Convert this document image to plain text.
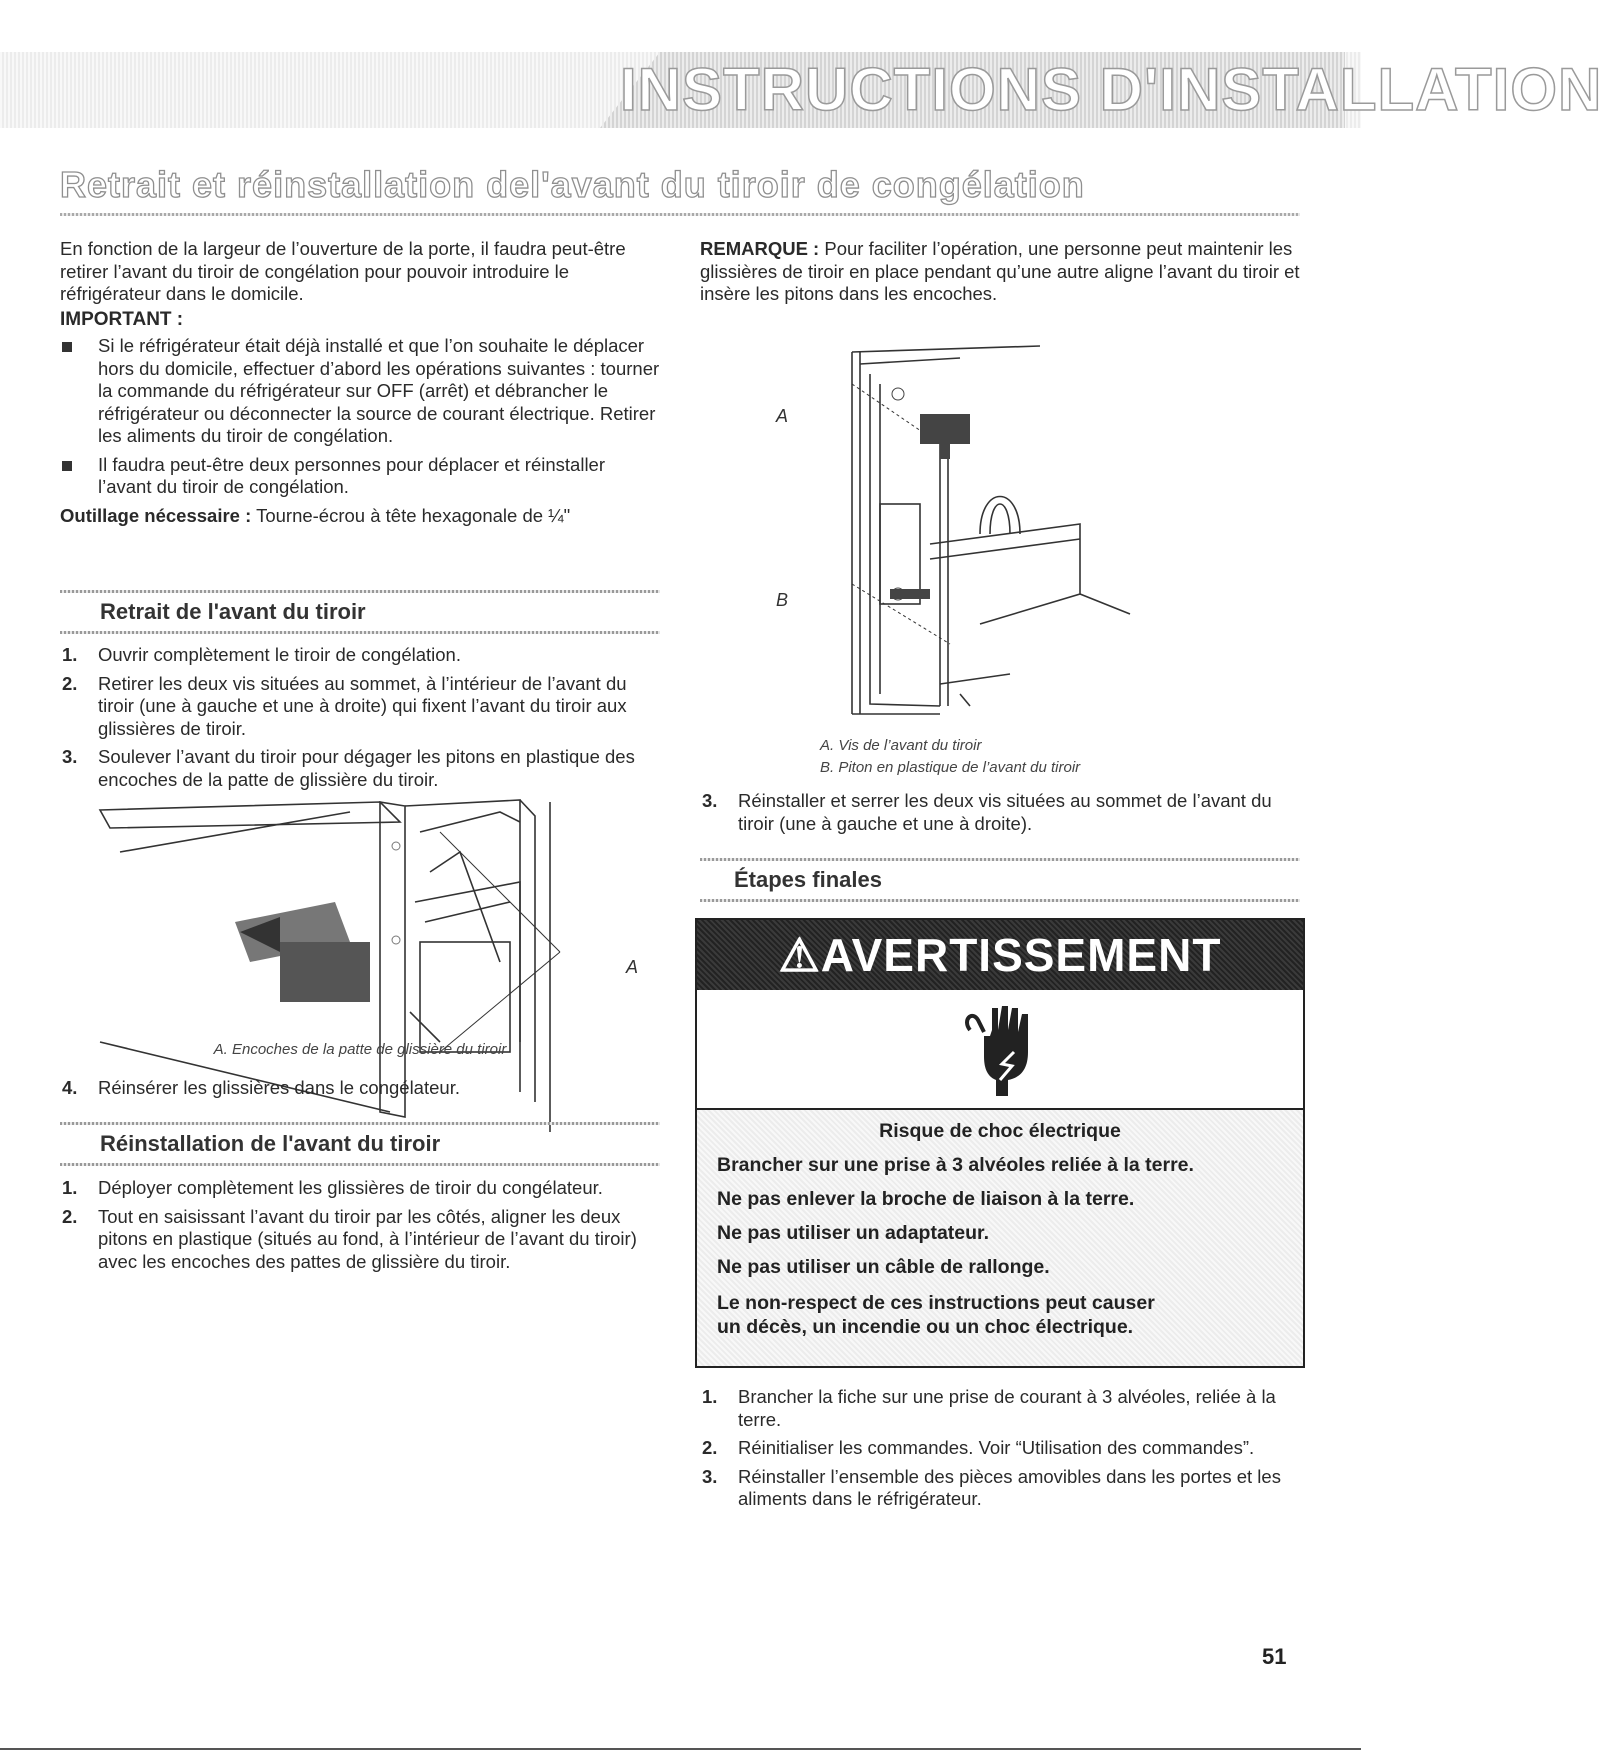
INSTRUCTIONS D'INSTALLATION
Retrait et réinstallation del'avant du tiroir de congélation

En fonction de la largeur de l’ouverture de la porte, il faudra peut-être retirer l’avant du tiroir de congélation pour pouvoir introduire le réfrigérateur dans le domicile.

IMPORTANT :

Si le réfrigérateur était déjà installé et que l’on souhaite le déplacer hors du domicile, effectuer d’abord les opérations suivantes : tourner la commande du réfrigérateur sur OFF (arrêt) et débrancher le réfrigérateur ou déconnecter la source de courant électrique. Retirer les aliments du tiroir de congélation.
Il faudra peut-être deux personnes pour déplacer et réinstaller l’avant du tiroir de congélation.

Outillage nécessaire : Tourne-écrou à tête hexagonale de ¼"

Retrait de l'avant du tiroir
1. Ouvrir complètement le tiroir de congélation.
2. Retirer les deux vis situées au sommet, à l’intérieur de l’avant du tiroir (une à gauche et une à droite) qui fixent l’avant du tiroir aux glissières de tiroir.
3. Soulever l’avant du tiroir pour dégager les pitons en plastique des encoches de la patte de glissière du tiroir.
A. Encoches de la patte de glissière du tiroir
4. Réinsérer les glissières dans le congélateur.
Réinstallation de l'avant du tiroir
1. Déployer complètement les glissières de tiroir du congélateur.
2. Tout en saisissant l’avant du tiroir par les côtés, aligner les deux pitons en plastique (situés au fond, à l’intérieur de l’avant du tiroir) avec les encoches des pattes de glissière du tiroir.

REMARQUE : Pour faciliter l’opération, une personne peut maintenir les glissières de tiroir en place pendant qu’une autre aligne l’avant du tiroir et insère les pitons dans les encoches.

A
B
A
A. Vis de l’avant du tiroir
B. Piton en plastique de l’avant du tiroir
3. Réinstaller et serrer les deux vis situées au sommet de l’avant du tiroir (une à gauche et une à droite).
Étapes finales
⚠AVERTISSEMENT
Risque de choc électrique
Brancher sur une prise à 3 alvéoles reliée à la terre.
Ne pas enlever la broche de liaison à la terre.
Ne pas utiliser un adaptateur.
Ne pas utiliser un câble de rallonge.
Le non-respect de ces instructions peut causer
un décès, un incendie ou un choc électrique.
1. Brancher la fiche sur une prise de courant à 3 alvéoles, reliée à la terre.
2. Réinitialiser les commandes. Voir “Utilisation des commandes”.
3. Réinstaller l’ensemble des pièces amovibles dans les portes et les aliments dans le réfrigérateur.
51
